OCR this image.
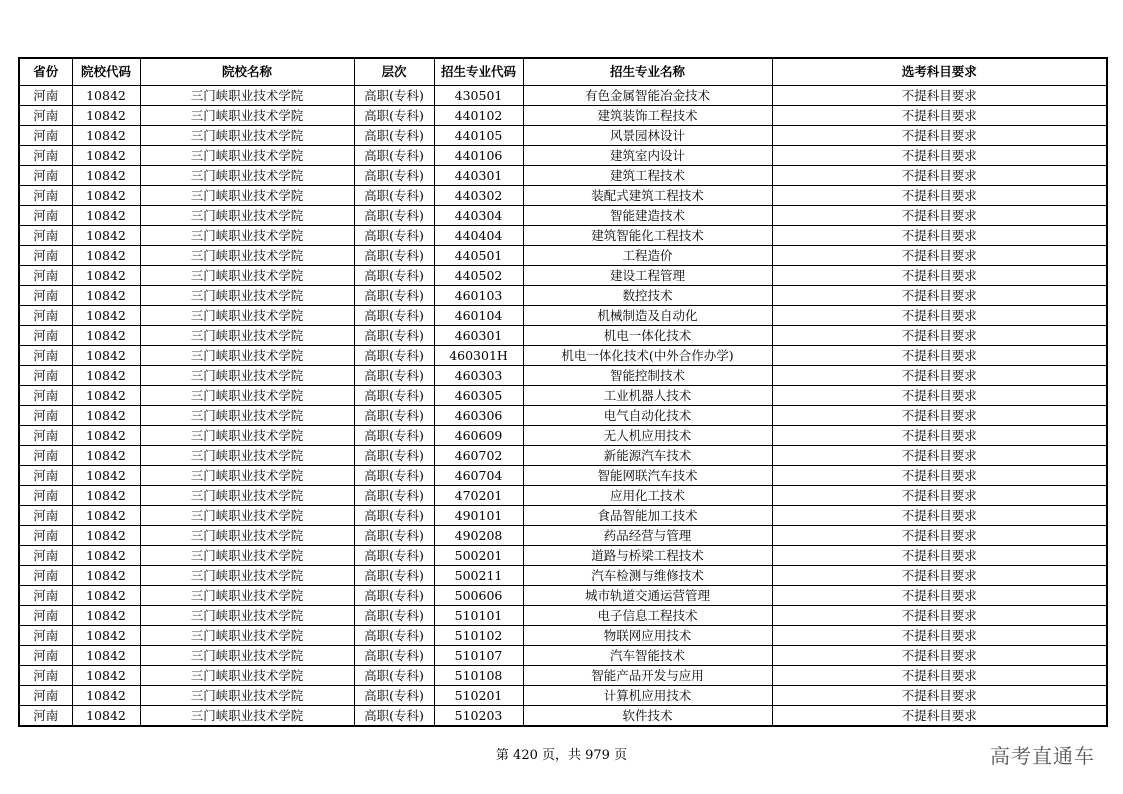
省份	院校代码	院校名称	层次	招生专业代码	招生专业名称	选考科目要求
河南	10842	三门峡职业技术学院	高职(专科)	430501	有色金属智能冶金技术	不提科目要求
河南	10842	三门峡职业技术学院	高职(专科)	440102	建筑装饰工程技术	不提科目要求
河南	10842	三门峡职业技术学院	高职(专科)	440105	风景园林设计	不提科目要求
河南	10842	三门峡职业技术学院	高职(专科)	440106	建筑室内设计	不提科目要求
河南	10842	三门峡职业技术学院	高职(专科)	440301	建筑工程技术	不提科目要求
河南	10842	三门峡职业技术学院	高职(专科)	440302	装配式建筑工程技术	不提科目要求
河南	10842	三门峡职业技术学院	高职(专科)	440304	智能建造技术	不提科目要求
河南	10842	三门峡职业技术学院	高职(专科)	440404	建筑智能化工程技术	不提科目要求
河南	10842	三门峡职业技术学院	高职(专科)	440501	工程造价	不提科目要求
河南	10842	三门峡职业技术学院	高职(专科)	440502	建设工程管理	不提科目要求
河南	10842	三门峡职业技术学院	高职(专科)	460103	数控技术	不提科目要求
河南	10842	三门峡职业技术学院	高职(专科)	460104	机械制造及自动化	不提科目要求
河南	10842	三门峡职业技术学院	高职(专科)	460301	机电一体化技术	不提科目要求
河南	10842	三门峡职业技术学院	高职(专科)	460301H	机电一体化技术(中外合作办学)	不提科目要求
河南	10842	三门峡职业技术学院	高职(专科)	460303	智能控制技术	不提科目要求
河南	10842	三门峡职业技术学院	高职(专科)	460305	工业机器人技术	不提科目要求
河南	10842	三门峡职业技术学院	高职(专科)	460306	电气自动化技术	不提科目要求
河南	10842	三门峡职业技术学院	高职(专科)	460609	无人机应用技术	不提科目要求
河南	10842	三门峡职业技术学院	高职(专科)	460702	新能源汽车技术	不提科目要求
河南	10842	三门峡职业技术学院	高职(专科)	460704	智能网联汽车技术	不提科目要求
河南	10842	三门峡职业技术学院	高职(专科)	470201	应用化工技术	不提科目要求
河南	10842	三门峡职业技术学院	高职(专科)	490101	食品智能加工技术	不提科目要求
河南	10842	三门峡职业技术学院	高职(专科)	490208	药品经营与管理	不提科目要求
河南	10842	三门峡职业技术学院	高职(专科)	500201	道路与桥梁工程技术	不提科目要求
河南	10842	三门峡职业技术学院	高职(专科)	500211	汽车检测与维修技术	不提科目要求
河南	10842	三门峡职业技术学院	高职(专科)	500606	城市轨道交通运营管理	不提科目要求
河南	10842	三门峡职业技术学院	高职(专科)	510101	电子信息工程技术	不提科目要求
河南	10842	三门峡职业技术学院	高职(专科)	510102	物联网应用技术	不提科目要求
河南	10842	三门峡职业技术学院	高职(专科)	510107	汽车智能技术	不提科目要求
河南	10842	三门峡职业技术学院	高职(专科)	510108	智能产品开发与应用	不提科目要求
河南	10842	三门峡职业技术学院	高职(专科)	510201	计算机应用技术	不提科目要求
河南	10842	三门峡职业技术学院	高职(专科)	510203	软件技术	不提科目要求
第 420 页，共 979 页	高考直通车
